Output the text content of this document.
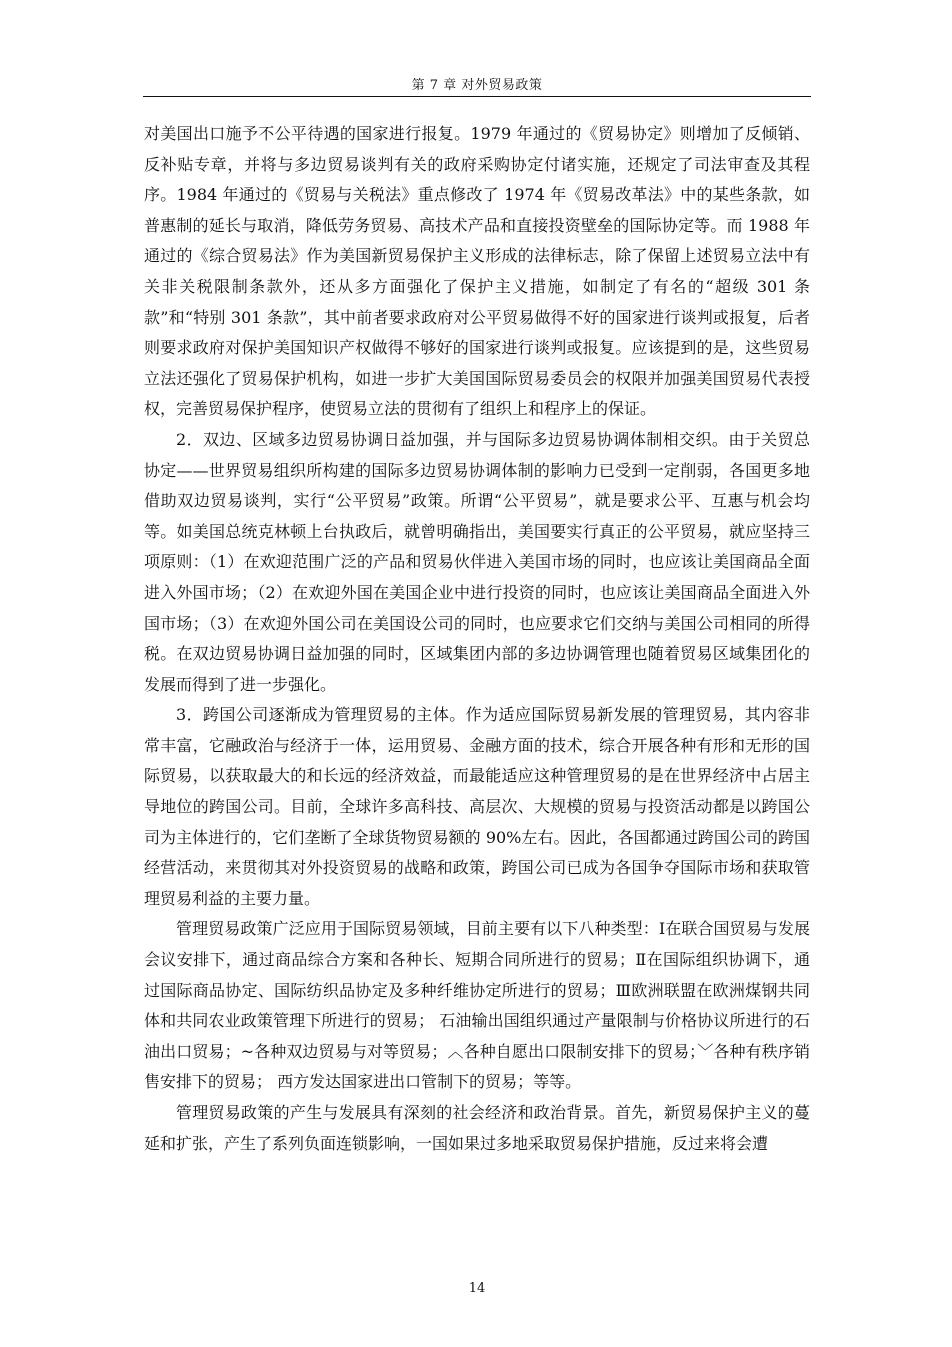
第 7 章 对外贸易政策

对美国出口施予不公平待遇的国家进行报复。1979 年通过的《贸易协定》则增加了反倾销、反补贴专章，并将与多边贸易谈判有关的政府采购协定付诸实施，还规定了司法审查及其程序。1984 年通过的《贸易与关税法》重点修改了 1974 年《贸易改革法》中的某些条款，如普惠制的延长与取消，降低劳务贸易、高技术产品和直接投资壁垒的国际协定等。而 1988 年通过的《综合贸易法》作为美国新贸易保护主义形成的法律标志，除了保留上述贸易立法中有关非关税限制条款外，还从多方面强化了保护主义措施，如制定了有名的“超级 301 条款”和“特别 301 条款”，其中前者要求政府对公平贸易做得不好的国家进行谈判或报复，后者则要求政府对保护美国知识产权做得不够好的国家进行谈判或报复。应该提到的是，这些贸易立法还强化了贸易保护机构，如进一步扩大美国国际贸易委员会的权限并加强美国贸易代表授权，完善贸易保护程序，使贸易立法的贯彻有了组织上和程序上的保证。

2．双边、区域多边贸易协调日益加强，并与国际多边贸易协调体制相交织。由于关贸总协定——世界贸易组织所构建的国际多边贸易协调体制的影响力已受到一定削弱，各国更多地借助双边贸易谈判，实行“公平贸易”政策。所谓“公平贸易”，就是要求公平、互惠与机会均等。如美国总统克林顿上台执政后，就曾明确指出，美国要实行真正的公平贸易，就应坚持三项原则：（1）在欢迎范围广泛的产品和贸易伙伴进入美国市场的同时，也应该让美国商品全面进入外国市场；（2）在欢迎外国在美国企业中进行投资的同时，也应该让美国商品全面进入外国市场；（3）在欢迎外国公司在美国设公司的同时，也应要求它们交纳与美国公司相同的所得税。在双边贸易协调日益加强的同时，区域集团内部的多边协调管理也随着贸易区域集团化的发展而得到了进一步强化。

3．跨国公司逐渐成为管理贸易的主体。作为适应国际贸易新发展的管理贸易，其内容非常丰富，它融政治与经济于一体，运用贸易、金融方面的技术，综合开展各种有形和无形的国际贸易，以获取最大的和长远的经济效益，而最能适应这种管理贸易的是在世界经济中占居主导地位的跨国公司。目前，全球许多高科技、高层次、大规模的贸易与投资活动都是以跨国公司为主体进行的，它们垄断了全球货物贸易额的 90%左右。因此，各国都通过跨国公司的跨国经营活动，来贯彻其对外投资贸易的战略和政策，跨国公司已成为各国争夺国际市场和获取管理贸易利益的主要力量。

管理贸易政策广泛应用于国际贸易领域，目前主要有以下八种类型：Ⅰ在联合国贸易与发展会议安排下，通过商品综合方案和各种长、短期合同所进行的贸易；Ⅱ在国际组织协调下，通过国际商品协定、国际纺织品协定及多种纤维协定所进行的贸易；Ⅲ欧洲联盟在欧洲煤钢共同体和共同农业政策管理下所进行的贸易； 石油输出国组织通过产量限制与价格协议所进行的石油出口贸易；~各种双边贸易与对等贸易；︿各种自愿出口限制安排下的贸易；﹀各种有秩序销售安排下的贸易； 西方发达国家进出口管制下的贸易；等等。

管理贸易政策的产生与发展具有深刻的社会经济和政治背景。首先，新贸易保护主义的蔓延和扩张，产生了系列负面连锁影响，一国如果过多地采取贸易保护措施，反过来将会遭

14
